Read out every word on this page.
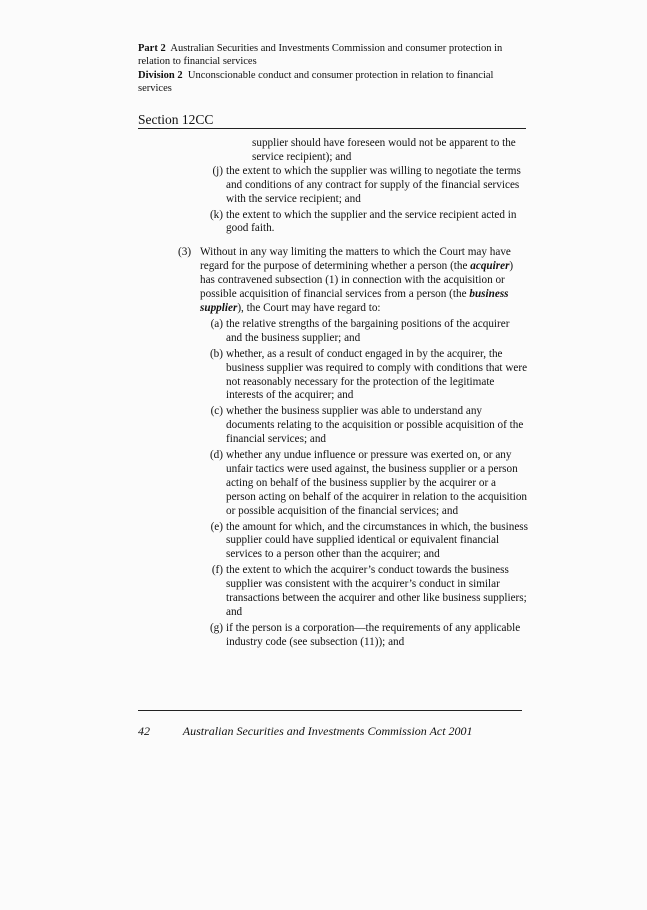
Part 2 Australian Securities and Investments Commission and consumer protection in relation to financial services
Division 2 Unconscionable conduct and consumer protection in relation to financial services
Section 12CC
supplier should have foreseen would not be apparent to the service recipient); and
(j) the extent to which the supplier was willing to negotiate the terms and conditions of any contract for supply of the financial services with the service recipient; and
(k) the extent to which the supplier and the service recipient acted in good faith.
(3) Without in any way limiting the matters to which the Court may have regard for the purpose of determining whether a person (the acquirer) has contravened subsection (1) in connection with the acquisition or possible acquisition of financial services from a person (the business supplier), the Court may have regard to:
(a) the relative strengths of the bargaining positions of the acquirer and the business supplier; and
(b) whether, as a result of conduct engaged in by the acquirer, the business supplier was required to comply with conditions that were not reasonably necessary for the protection of the legitimate interests of the acquirer; and
(c) whether the business supplier was able to understand any documents relating to the acquisition or possible acquisition of the financial services; and
(d) whether any undue influence or pressure was exerted on, or any unfair tactics were used against, the business supplier or a person acting on behalf of the business supplier by the acquirer or a person acting on behalf of the acquirer in relation to the acquisition or possible acquisition of the financial services; and
(e) the amount for which, and the circumstances in which, the business supplier could have supplied identical or equivalent financial services to a person other than the acquirer; and
(f) the extent to which the acquirer’s conduct towards the business supplier was consistent with the acquirer’s conduct in similar transactions between the acquirer and other like business suppliers; and
(g) if the person is a corporation—the requirements of any applicable industry code (see subsection (11)); and
42	Australian Securities and Investments Commission Act 2001
